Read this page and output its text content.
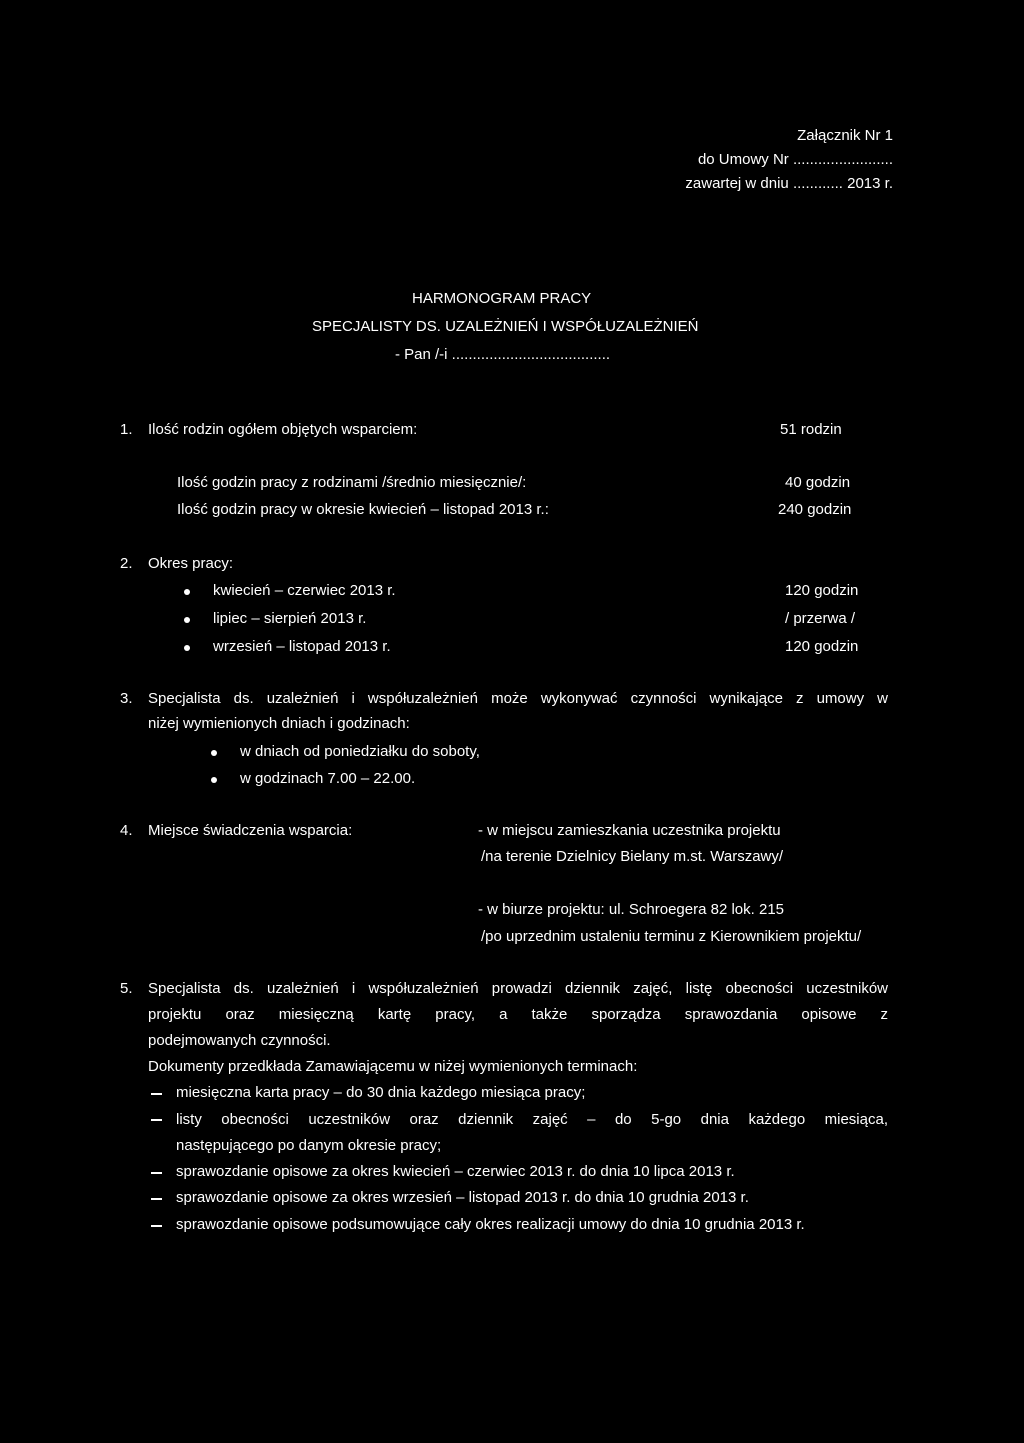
Załącznik Nr 1
do Umowy Nr ........................
zawartej w dniu ............ 2013 r.
HARMONOGRAM PRACY
SPECJALISTY DS. UZALEŻNIEŃ I WSPÓŁUZALEŻNIEŃ
- Pan /-i ......................................
1. Ilość rodzin ogółem objętych wsparciem:	51 rodzin
Ilość godzin pracy z rodzinami /średnio miesięcznie/:	40 godzin
Ilość godzin pracy w okresie kwiecień – listopad 2013 r.:	240 godzin
2. Okres pracy:
kwiecień – czerwiec 2013 r.	120 godzin
lipiec – sierpień 2013 r.	/ przerwa /
wrzesień – listopad 2013 r.	120 godzin
3. Specjalista ds. uzależnień i współuzależnień może wykonywać czynności wynikające z umowy w
niżej wymienionych dniach i godzinach:
w dniach od poniedziałku do soboty,
w godzinach 7.00 – 22.00.
4. Miejsce świadczenia wsparcia:	- w miejscu zamieszkania uczestnika projektu
/na terenie Dzielnicy Bielany m.st. Warszawy/
- w biurze projektu: ul. Schroegera 82 lok. 215
/po uprzednim ustaleniu terminu z Kierownikiem projektu/
5. Specjalista ds. uzależnień i współuzależnień prowadzi dziennik zajęć, listę obecności uczestników
projektu oraz miesięczną kartę pracy, a także sporządza sprawozdania opisowe z
podejmowanych czynności.
Dokumenty przedkłada Zamawiającemu w niżej wymienionych terminach:
miesięczna karta pracy – do 30 dnia każdego miesiąca pracy;
listy obecności uczestników oraz dziennik zajęć – do 5-go dnia każdego miesiąca,
następującego po danym okresie pracy;
sprawozdanie opisowe za okres kwiecień – czerwiec 2013 r. do dnia 10 lipca 2013 r.
sprawozdanie opisowe za okres wrzesień – listopad 2013 r. do dnia 10 grudnia 2013 r.
sprawozdanie opisowe podsumowujące cały okres realizacji umowy do dnia 10 grudnia 2013 r.
